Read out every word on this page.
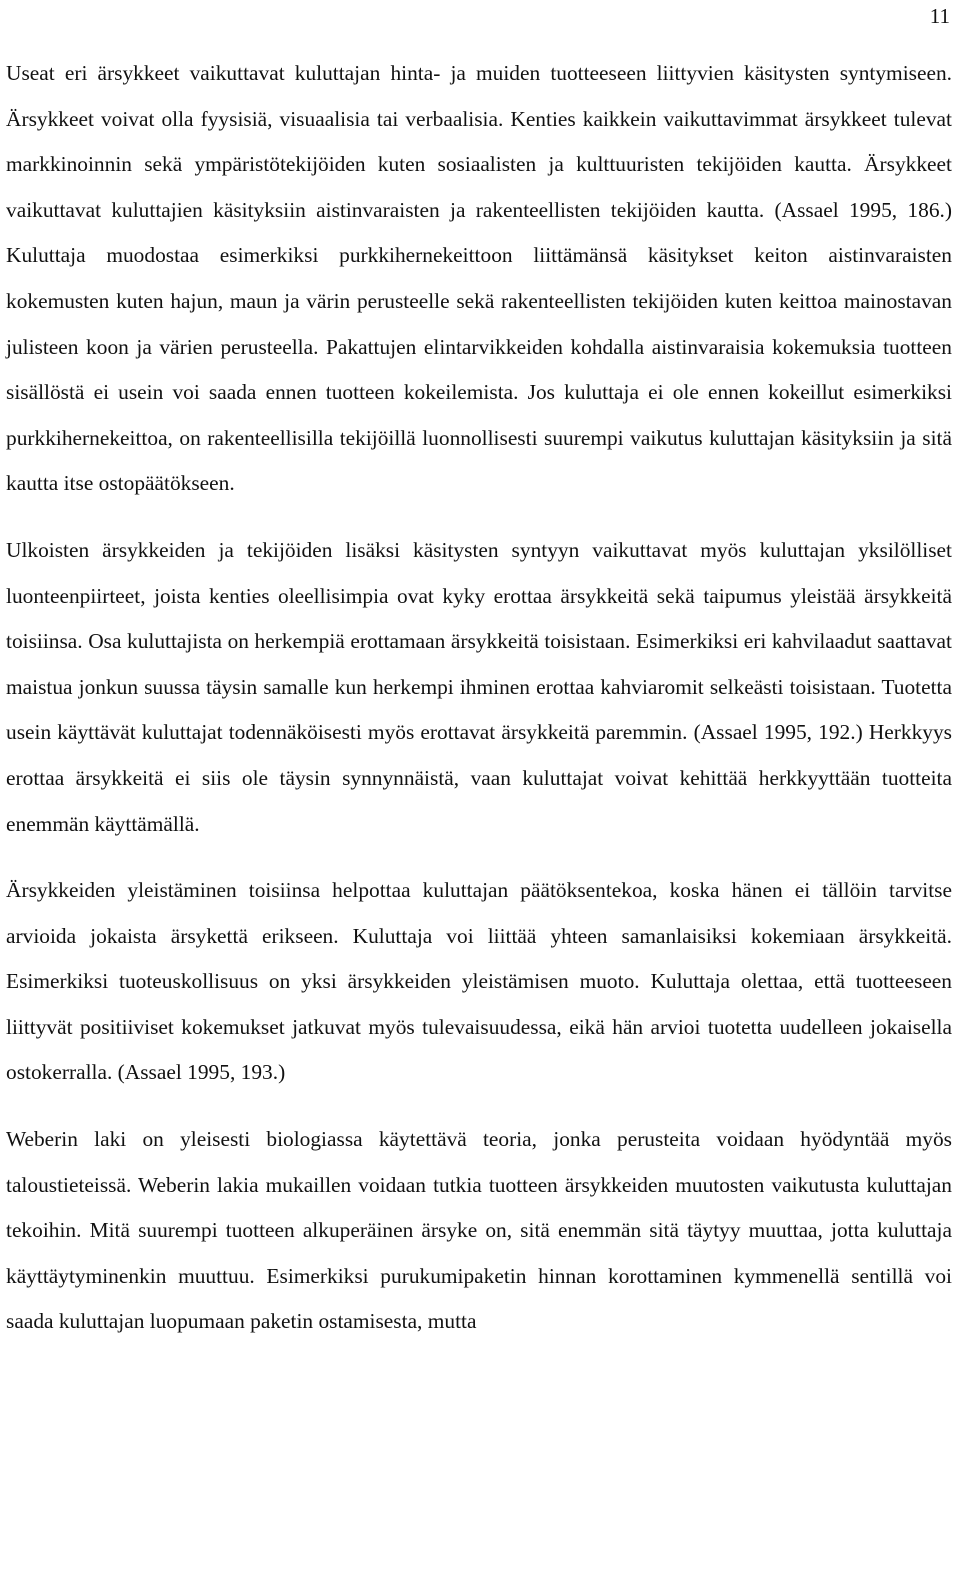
11

Useat eri ärsykkeet vaikuttavat kuluttajan hinta- ja muiden tuotteeseen liittyvien käsitysten syntymiseen. Ärsykkeet voivat olla fyysisiä, visuaalisia tai verbaalisia. Kenties kaikkein vaikuttavimmat ärsykkeet tulevat markkinoinnin sekä ympäristötekijöiden kuten sosiaalisten ja kulttuuristen tekijöiden kautta. Ärsykkeet vaikuttavat kuluttajien käsityksiin aistinvaraisten ja rakenteellisten tekijöiden kautta. (Assael 1995, 186.) Kuluttaja muodostaa esimerkiksi purkkihernekeittoon liittämänsä käsitykset keiton aistinvaraisten kokemusten kuten hajun, maun ja värin perusteelle sekä rakenteellisten tekijöiden kuten keittoa mainostavan julisteen koon ja värien perusteella. Pakattujen elintarvikkeiden kohdalla aistinvaraisia kokemuksia tuotteen sisällöstä ei usein voi saada ennen tuotteen kokeilemista. Jos kuluttaja ei ole ennen kokeillut esimerkiksi purkkihernekeittoa, on rakenteellisilla tekijöillä luonnollisesti suurempi vaikutus kuluttajan käsityksiin ja sitä kautta itse ostopäätökseen.

Ulkoisten ärsykkeiden ja tekijöiden lisäksi käsitysten syntyyn vaikuttavat myös kuluttajan yksilölliset luonteenpiirteet, joista kenties oleellisimpia ovat kyky erottaa ärsykkeitä sekä taipumus yleistää ärsykkeitä toisiinsa. Osa kuluttajista on herkempiä erottamaan ärsykkeitä toisistaan. Esimerkiksi eri kahvilaadut saattavat maistua jonkun suussa täysin samalle kun herkempi ihminen erottaa kahviaromit selkeästi toisistaan. Tuotetta usein käyttävät kuluttajat todennäköisesti myös erottavat ärsykkeitä paremmin. (Assael 1995, 192.) Herkkyys erottaa ärsykkeitä ei siis ole täysin synnynnäistä, vaan kuluttajat voivat kehittää herkkyyttään tuotteita enemmän käyttämällä.

Ärsykkeiden yleistäminen toisiinsa helpottaa kuluttajan päätöksentekoa, koska hänen ei tällöin tarvitse arvioida jokaista ärsykettä erikseen. Kuluttaja voi liittää yhteen samanlaisiksi kokemiaan ärsykkeitä. Esimerkiksi tuoteuskollisuus on yksi ärsykkeiden yleistämisen muoto. Kuluttaja olettaa, että tuotteeseen liittyvät positiiviset kokemukset jatkuvat myös tulevaisuudessa, eikä hän arvioi tuotetta uudelleen jokaisella ostokerralla. (Assael 1995, 193.)

Weberin laki on yleisesti biologiassa käytettävä teoria, jonka perusteita voidaan hyödyntää myös taloustieteissä. Weberin lakia mukaillen voidaan tutkia tuotteen ärsykkeiden muutosten vaikutusta kuluttajan tekoihin. Mitä suurempi tuotteen alkuperäinen ärsyke on, sitä enemmän sitä täytyy muuttaa, jotta kuluttaja käyttäytyminenkin muuttuu. Esimerkiksi purukumipaketin hinnan korottaminen kymmenellä sentillä voi saada kuluttajan luopumaan paketin ostamisesta, mutta
